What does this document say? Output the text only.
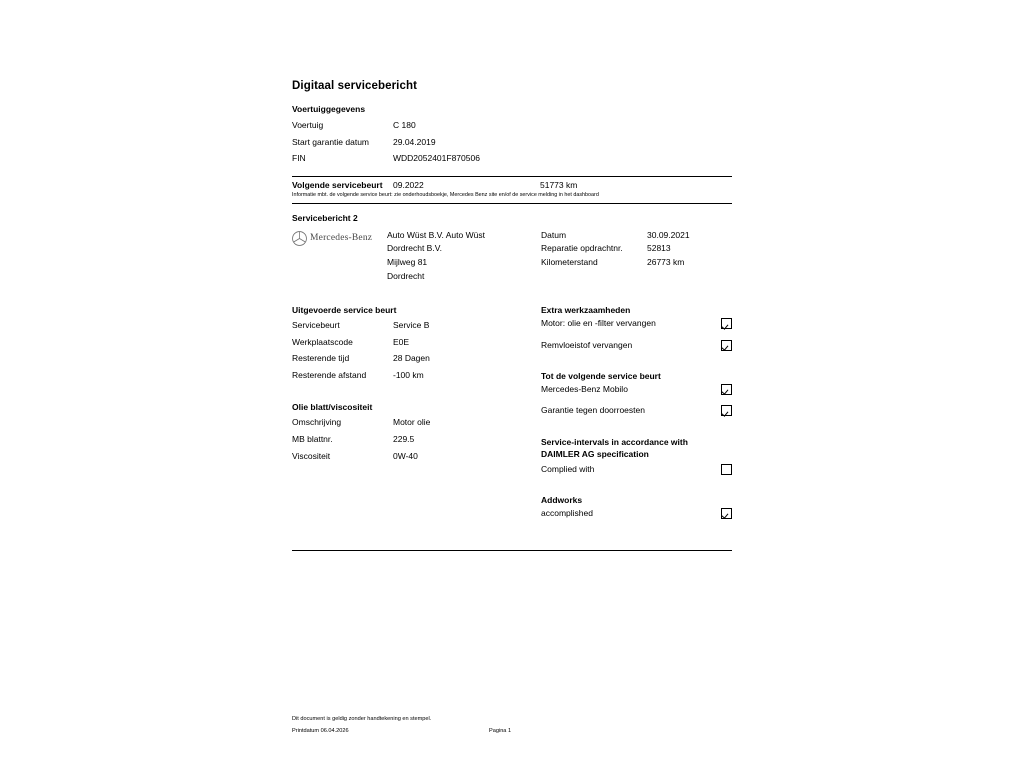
Digitaal servicebericht
Voertuiggegevens
Voertuig	C 180
Start garantie datum	29.04.2019
FIN	WDD2052401F870506
Volgende servicebeurt	09.2022	51773 km
Informatie mbt. de volgende service beurt: zie onderhoudsboekje, Mercedes Benz site en/of de service melding in het dashboard
Servicebericht 2
Mercedes-Benz Auto Wüst B.V. Auto Wüst
Dordrecht B.V.
Mijlweg 81
Dordrecht
Datum	30.09.2021
Reparatie opdrachtnr.	52813
Kilometerstand	26773 km
Uitgevoerde service beurt
Servicebeurt	Service B
Werkplaatscode	E0E
Resterende tijd	28 Dagen
Resterende afstand	-100 km
Olie blatt/viscositeit
Omschrijving	Motor olie
MB blattnr.	229.5
Viscositeit	0W-40
Extra werkzaamheden
Motor: olie en -filter vervangen
Remvloeistof vervangen
Tot de volgende service beurt
Mercedes-Benz Mobilo
Garantie tegen doorroesten
Service-intervals in accordance with
DAIMLER AG specification
Complied with
Addworks
accomplished
Dit document is geldig zonder handtekening en stempel.
Printdatum 06.04.2026	Pagina 1
